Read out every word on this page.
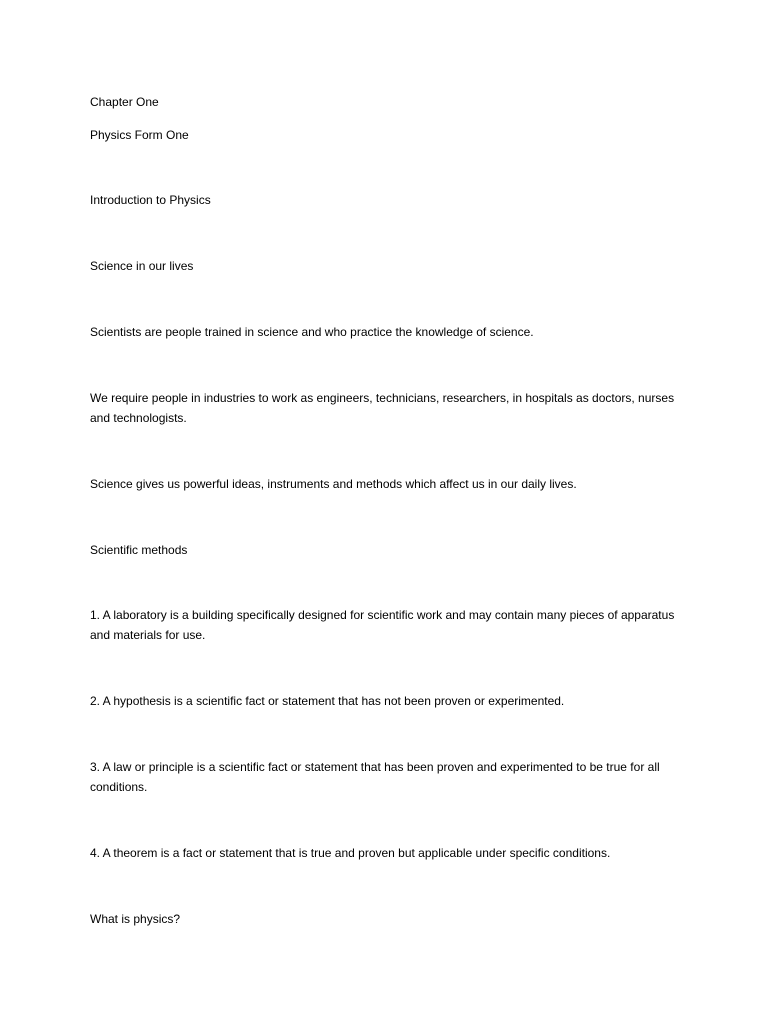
Chapter One

Physics Form One

Introduction to Physics

Science in our lives

Scientists are people trained in science and who practice the knowledge of science.

We require people in industries to work as engineers, technicians, researchers, in hospitals as doctors, nurses and technologists.

Science gives us powerful ideas, instruments and methods which affect us in our daily lives.

Scientific methods

1. A laboratory is a building specifically designed for scientific work and may contain many pieces of apparatus and materials for use.

2. A hypothesis is a scientific fact or statement that has not been proven or experimented.

3. A law or principle is a scientific fact or statement that has been proven and experimented to be true for all conditions.

4. A theorem is a fact or statement that is true and proven but applicable under specific conditions.

What is physics?
